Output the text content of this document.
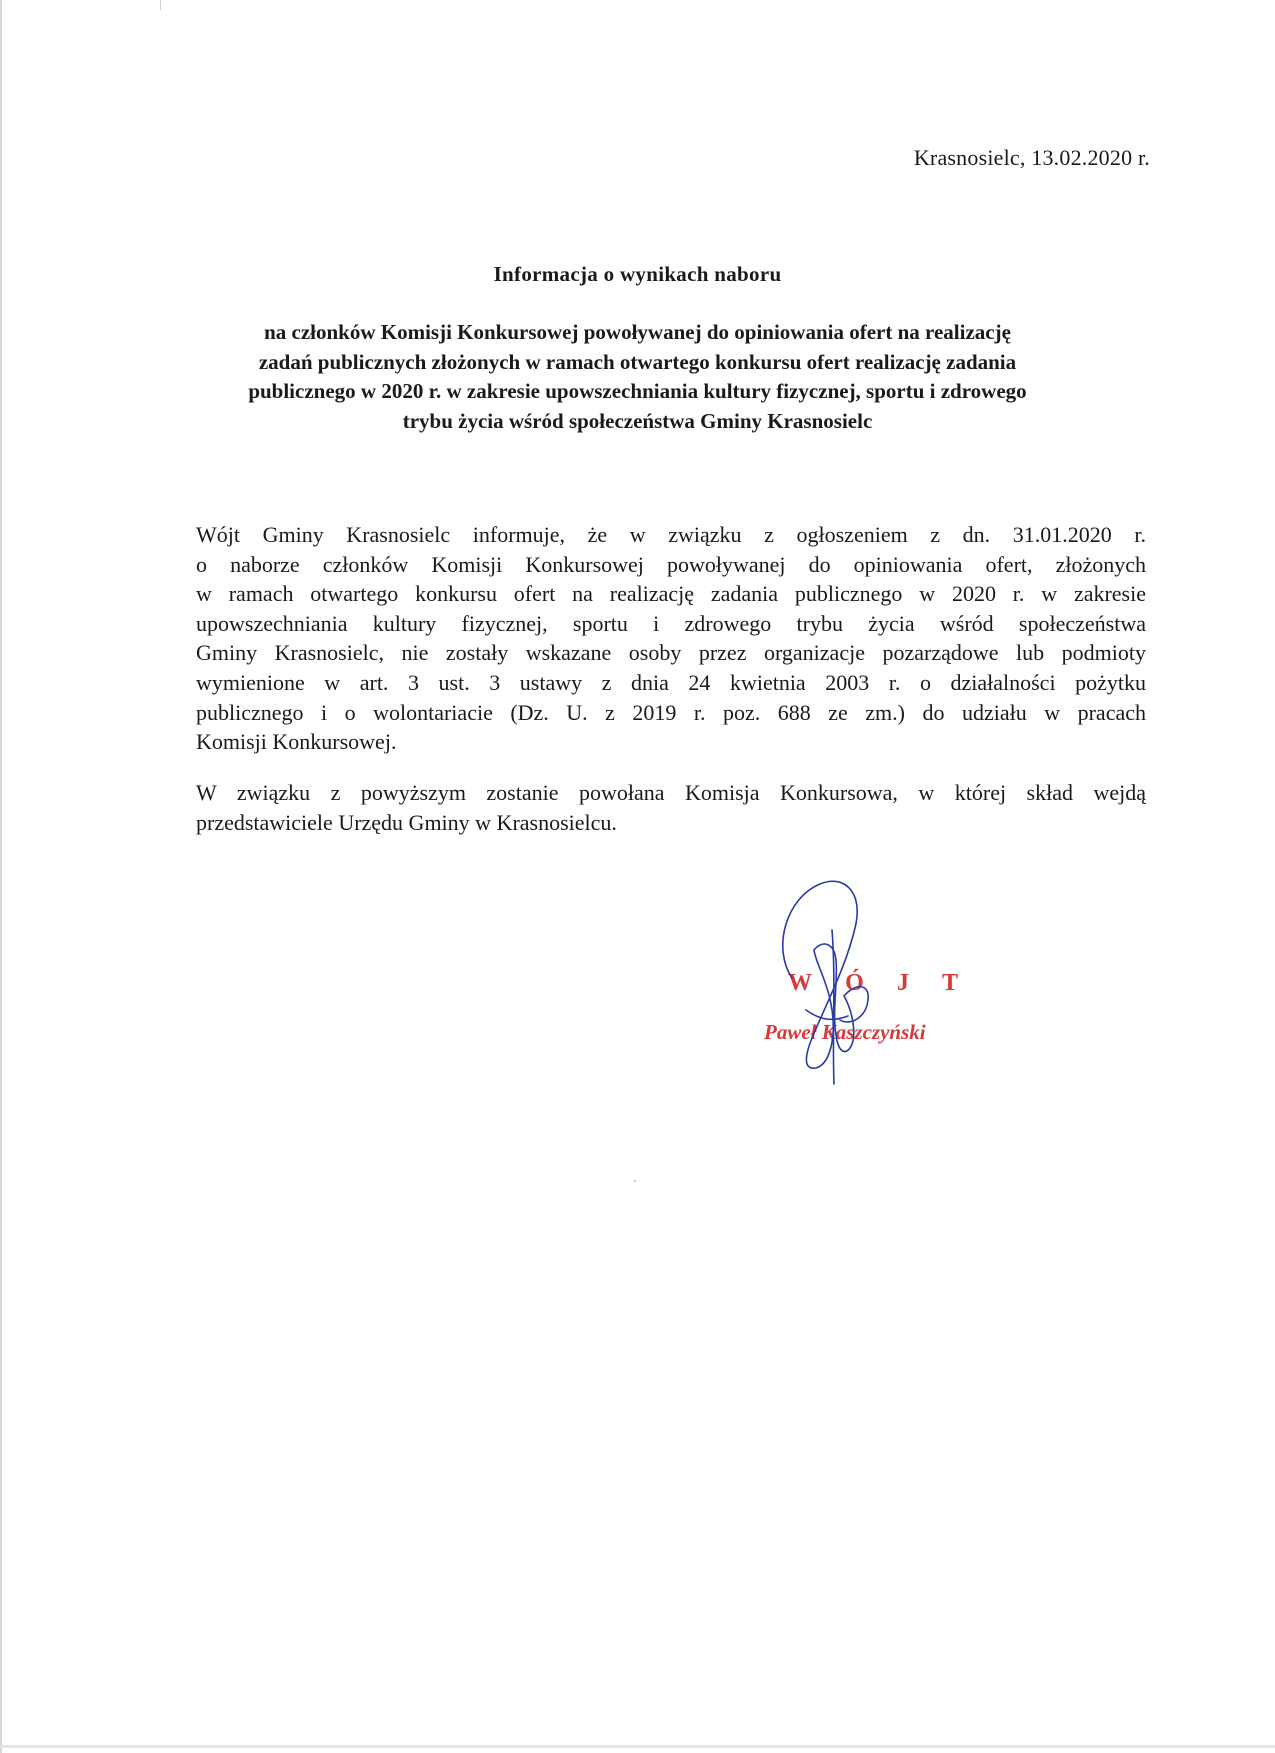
Krasnosielc, 13.02.2020 r.
Informacja o wynikach naboru
na członków Komisji Konkursowej powoływanej do opiniowania ofert na realizację
zadań publicznych złożonych w ramach otwartego konkursu ofert realizację zadania
publicznego w 2020 r. w zakresie upowszechniania kultury fizycznej, sportu i zdrowego
trybu życia wśród społeczeństwa Gminy Krasnosielc
Wójt Gminy Krasnosielc informuje, że w związku z ogłoszeniem z dn. 31.01.2020 r.
o naborze członków Komisji Konkursowej powoływanej do opiniowania ofert, złożonych
w ramach otwartego konkursu ofert na realizację zadania publicznego w 2020 r. w zakresie
upowszechniania kultury fizycznej, sportu i zdrowego trybu życia wśród społeczeństwa
Gminy Krasnosielc, nie zostały wskazane osoby przez organizacje pozarządowe lub podmioty
wymienione w art. 3 ust. 3 ustawy z dnia 24 kwietnia 2003 r. o działalności pożytku
publicznego i o wolontariacie (Dz. U. z 2019 r. poz. 688 ze zm.) do udziału w pracach
Komisji Konkursowej.
W związku z powyższym zostanie powołana Komisja Konkursowa, w której skład wejdą
przedstawiciele Urzędu Gminy w Krasnosielcu.
W Ó J T
Paweł Kaszczyński
